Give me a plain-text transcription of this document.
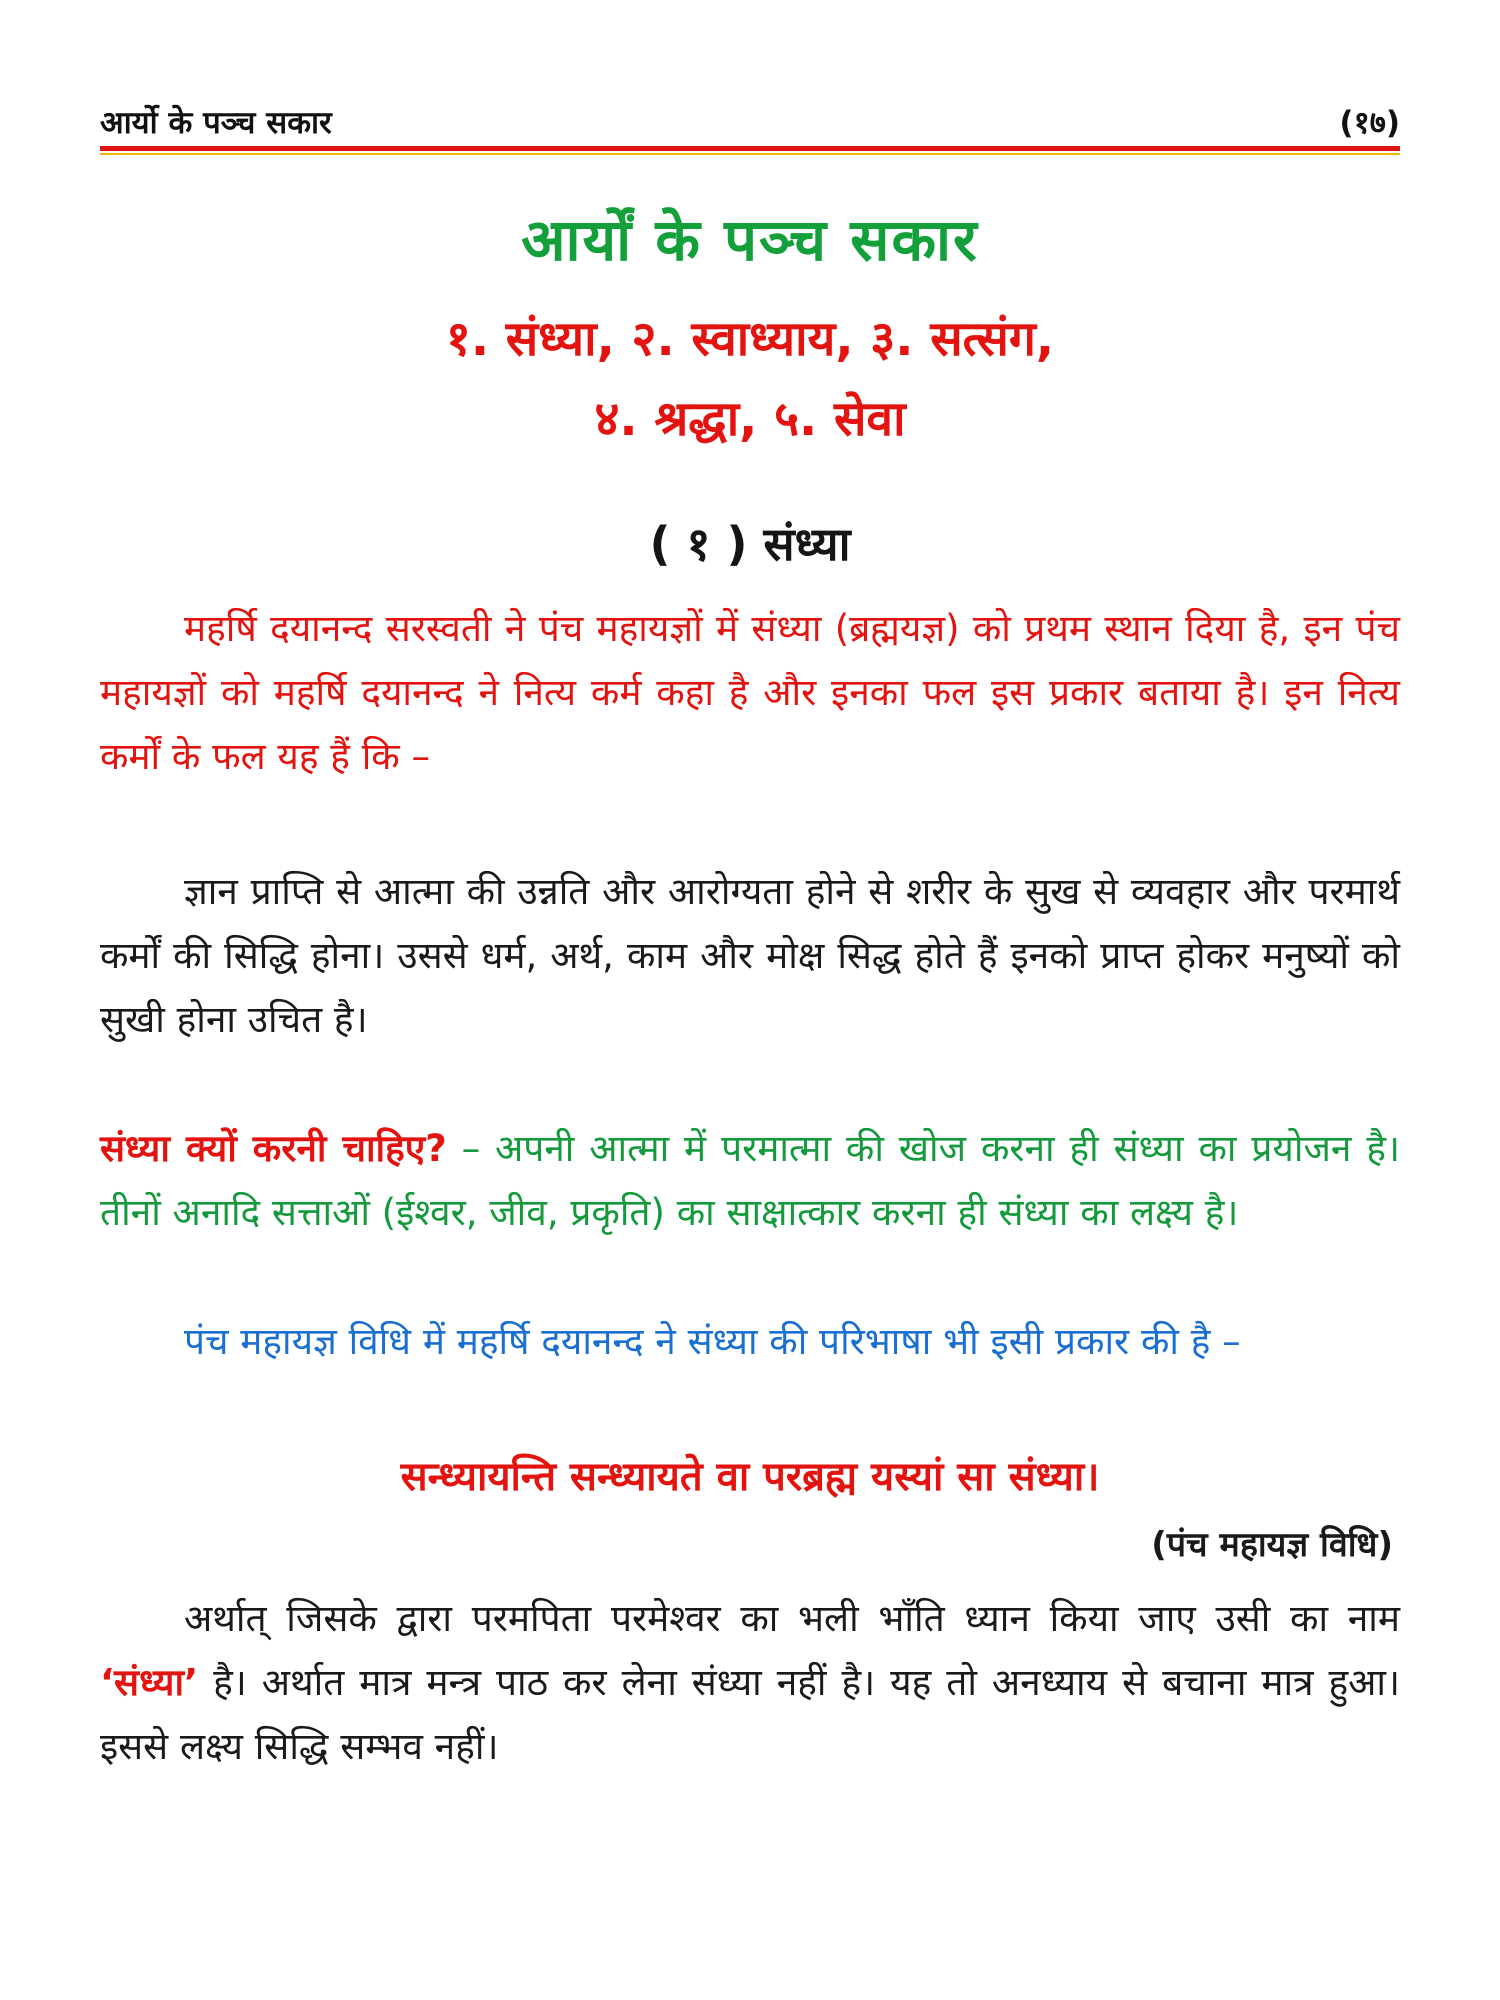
आर्यो के पञ्च सकार	(१७)
आर्यों के पञ्च सकार
१. संध्या, २. स्वाध्याय, ३. सत्संग,
४. श्रद्धा, ५. सेवा
( १ ) संध्या

महर्षि दयानन्द सरस्वती ने पंच महायज्ञों में संध्या (ब्रह्मयज्ञ) को प्रथम स्थान दिया है, इन पंच महायज्ञों को महर्षि दयानन्द ने नित्य कर्म कहा है और इनका फल इस प्रकार बताया है। इन नित्य कर्मों के फल यह हैं कि –

ज्ञान प्राप्ति से आत्मा की उन्नति और आरोग्यता होने से शरीर के सुख से व्यवहार और परमार्थ कर्मों की सिद्धि होना। उससे धर्म, अर्थ, काम और मोक्ष सिद्ध होते हैं इनको प्राप्त होकर मनुष्यों को सुखी होना उचित है।

संध्या क्यों करनी चाहिए? – अपनी आत्मा में परमात्मा की खोज करना ही संध्या का प्रयोजन है। तीनों अनादि सत्ताओं (ईश्वर, जीव, प्रकृति) का साक्षात्कार करना ही संध्या का लक्ष्य है।

पंच महायज्ञ विधि में महर्षि दयानन्द ने संध्या की परिभाषा भी इसी प्रकार की है –

सन्ध्यायन्ति सन्ध्यायते वा परब्रह्म यस्यां सा संध्या।
(पंच महायज्ञ विधि)

अर्थात् जिसके द्वारा परमपिता परमेश्वर का भली भाँति ध्यान किया जाए उसी का नाम ‘संध्या’ है। अर्थात मात्र मन्त्र पाठ कर लेना संध्या नहीं है। यह तो अनध्याय से बचाना मात्र हुआ। इससे लक्ष्य सिद्धि सम्भव नहीं।
